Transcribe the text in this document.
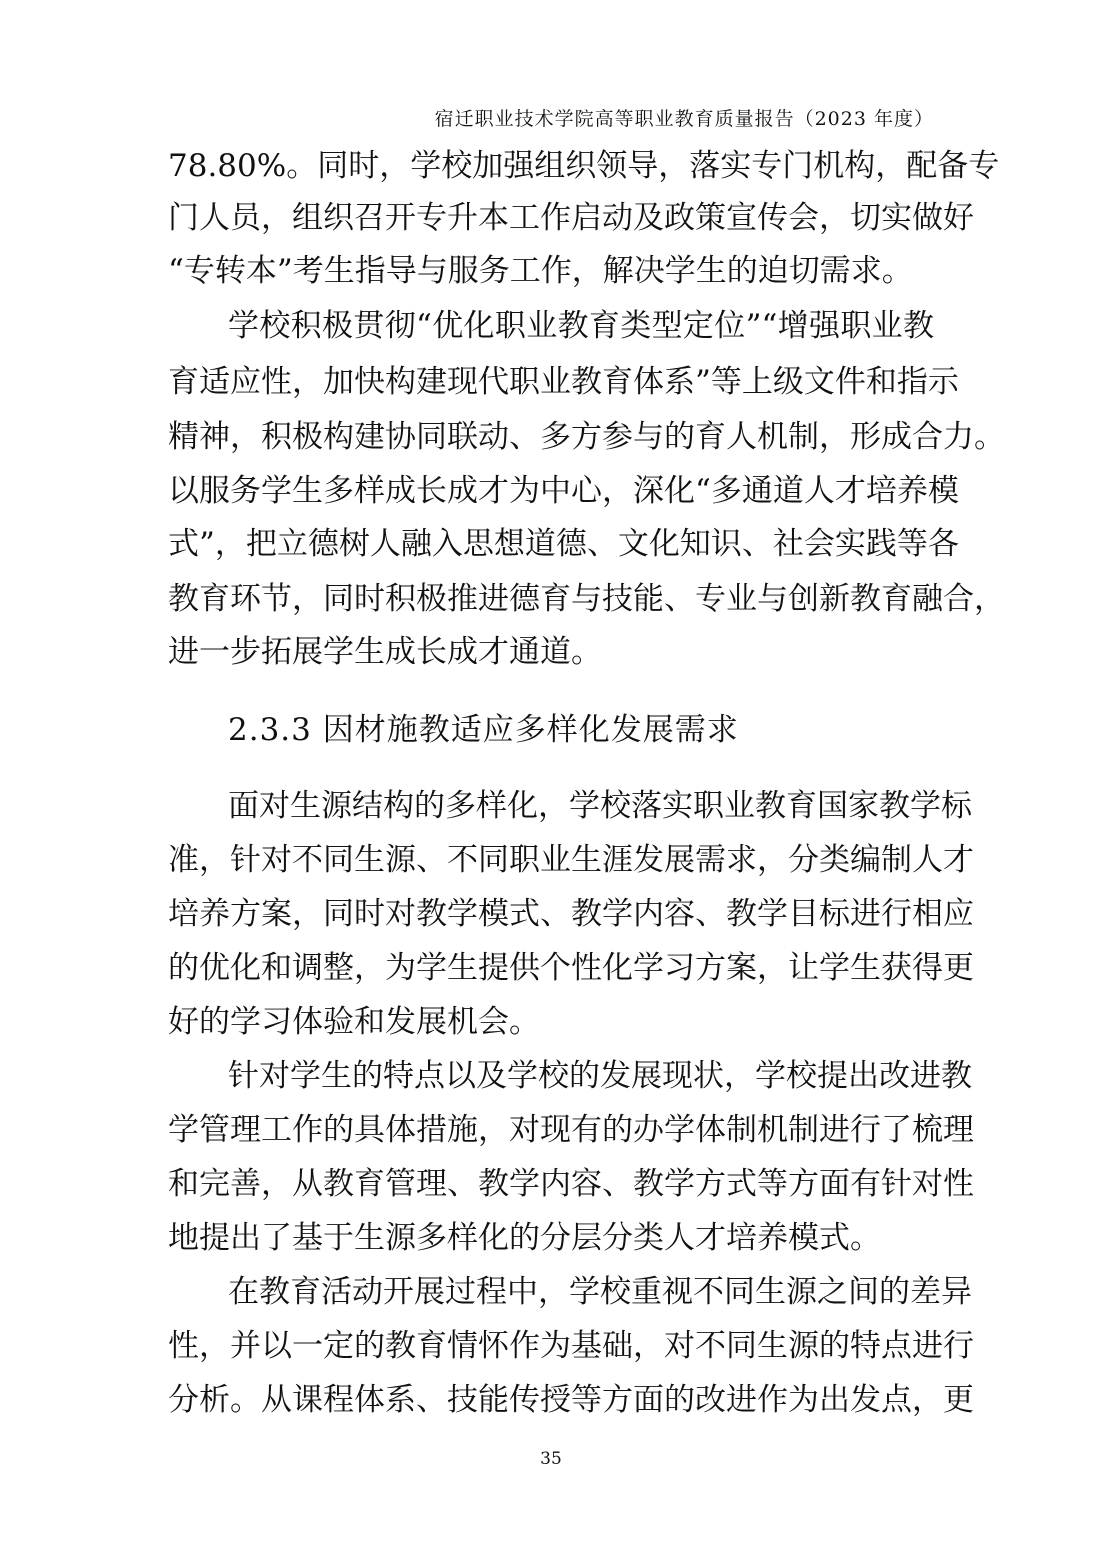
宿迁职业技术学院高等职业教育质量报告（2023 年度）
78.80%。同时，学校加强组织领导，落实专门机构，配备专
门人员，组织召开专升本工作启动及政策宣传会，切实做好
“专转本”考生指导与服务工作，解决学生的迫切需求。
学校积极贯彻“优化职业教育类型定位”“增强职业教
育适应性，加快构建现代职业教育体系”等上级文件和指示
精神，积极构建协同联动、多方参与的育人机制，形成合力。
以服务学生多样成长成才为中心，深化“多通道人才培养模
式”，把立德树人融入思想道德、文化知识、社会实践等各
教育环节，同时积极推进德育与技能、专业与创新教育融合，
进一步拓展学生成长成才通道。
2.3.3 因材施教适应多样化发展需求
面对生源结构的多样化，学校落实职业教育国家教学标
准，针对不同生源、不同职业生涯发展需求，分类编制人才
培养方案，同时对教学模式、教学内容、教学目标进行相应
的优化和调整，为学生提供个性化学习方案，让学生获得更
好的学习体验和发展机会。
针对学生的特点以及学校的发展现状，学校提出改进教
学管理工作的具体措施，对现有的办学体制机制进行了梳理
和完善，从教育管理、教学内容、教学方式等方面有针对性
地提出了基于生源多样化的分层分类人才培养模式。
在教育活动开展过程中，学校重视不同生源之间的差异
性，并以一定的教育情怀作为基础，对不同生源的特点进行
分析。从课程体系、技能传授等方面的改进作为出发点，更
35
